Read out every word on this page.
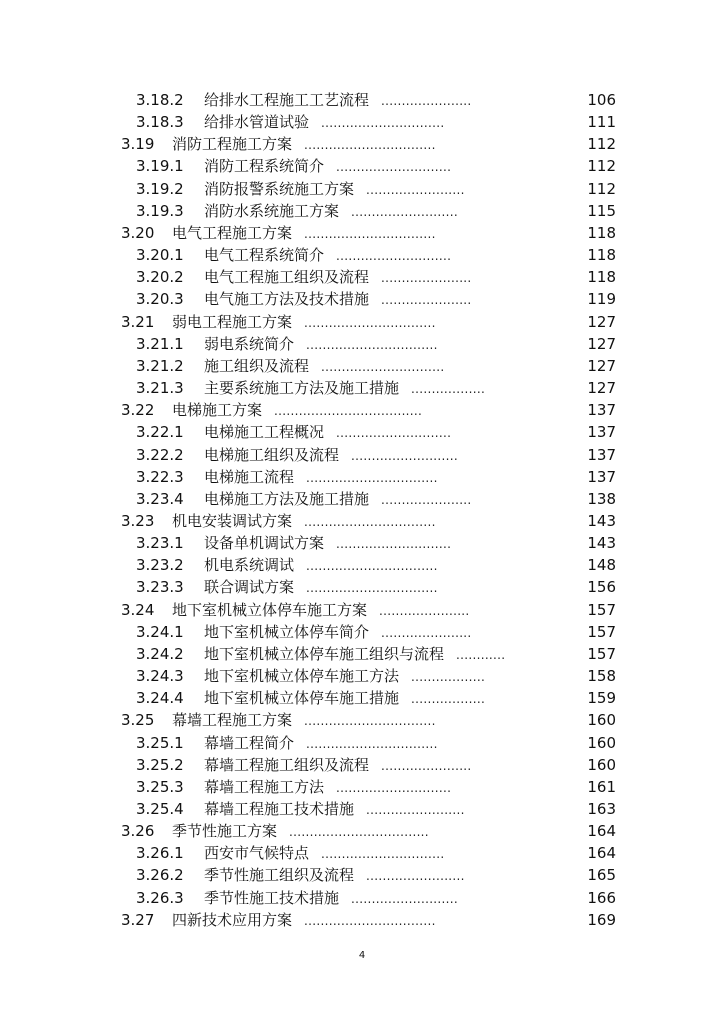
3.18.2 给排水工程施工工艺流程 ......................	106
3.18.3 给排水管道试验 ..............................	111
3.19 消防工程施工方案 ................................	112
3.19.1 消防工程系统简介 ............................	112
3.19.2 消防报警系统施工方案 ........................	112
3.19.3 消防水系统施工方案 ..........................	115
3.20 电气工程施工方案 ................................	118
3.20.1 电气工程系统简介 ............................	118
3.20.2 电气工程施工组织及流程 ......................	118
3.20.3 电气施工方法及技术措施 ......................	119
3.21 弱电工程施工方案 ................................	127
3.21.1 弱电系统简介 ................................	127
3.21.2 施工组织及流程 ..............................	127
3.21.3 主要系统施工方法及施工措施 ..................	127
3.22 电梯施工方案 ....................................	137
3.22.1 电梯施工工程概况 ............................	137
3.22.2 电梯施工组织及流程 ..........................	137
3.22.3 电梯施工流程 ................................	137
3.23.4 电梯施工方法及施工措施 ......................	138
3.23 机电安装调试方案 ................................	143
3.23.1 设备单机调试方案 ............................	143
3.23.2 机电系统调试 ................................	148
3.23.3 联合调试方案 ................................	156
3.24 地下室机械立体停车施工方案 ......................	157
3.24.1 地下室机械立体停车简介 ......................	157
3.24.2 地下室机械立体停车施工组织与流程 ............	157
3.24.3 地下室机械立体停车施工方法 ..................	158
3.24.4 地下室机械立体停车施工措施 ..................	159
3.25 幕墙工程施工方案 ................................	160
3.25.1 幕墙工程简介 ................................	160
3.25.2 幕墙工程施工组织及流程 ......................	160
3.25.3 幕墙工程施工方法 ............................	161
3.25.4 幕墙工程施工技术措施 ........................	163
3.26 季节性施工方案 ..................................	164
3.26.1 西安市气候特点 ..............................	164
3.26.2 季节性施工组织及流程 ........................	165
3.26.3 季节性施工技术措施 ..........................	166
3.27 四新技术应用方案 ................................	169
4
